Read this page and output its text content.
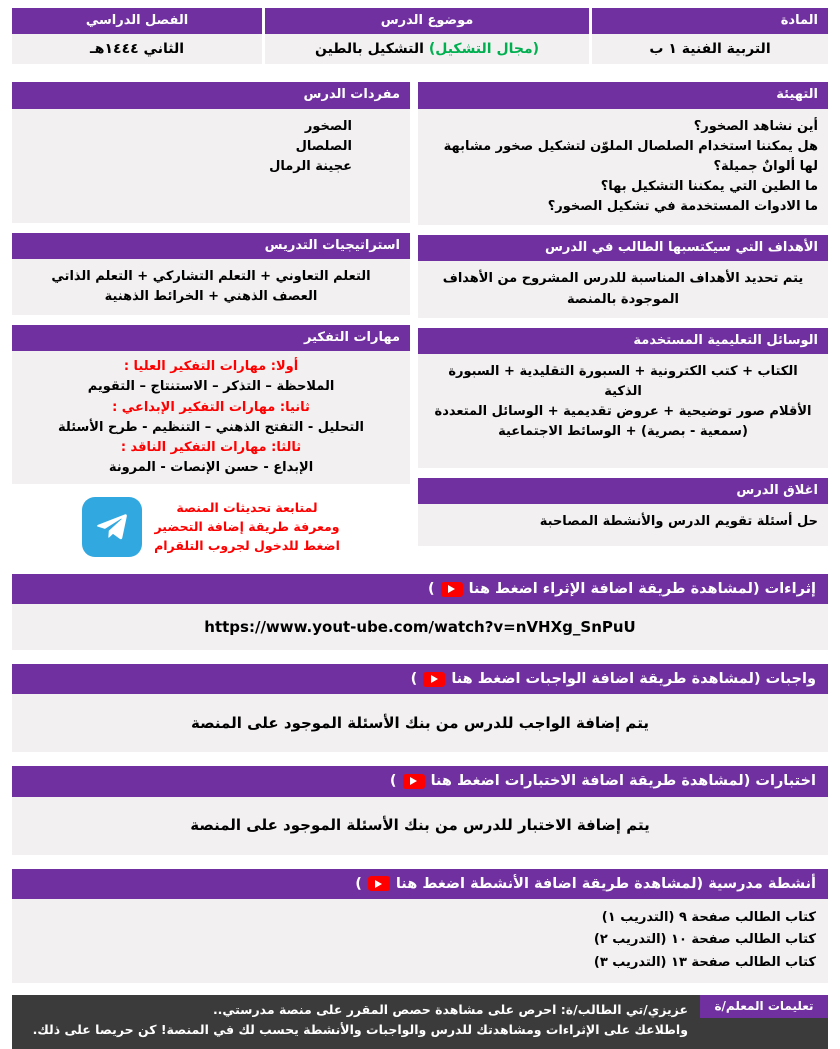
المادة
التربية الفنية ١ ب
موضوع الدرس
(مجال التشكيل) التشكيل بالطين
الفصل الدراسي
الثاني ١٤٤٤هـ
التهيئة
أين نشاهد الصخور؟
هل يمكننا استخدام الصلصال الملوّن لتشكيل صخور مشابهة لها ألوانٌ جميلة؟
ما الطين التي يمكننا التشكيل بها؟
ما الادوات المستخدمة في تشكيل الصخور؟
الأهداف التي سيكتسبها الطالب في الدرس
يتم تحديد الأهداف المناسبة للدرس المشروح من الأهداف الموجودة بالمنصة
الوسائل التعليمية المستخدمة
الكتاب + كتب الكترونية + السبورة التقليدية + السبورة الذكية
الأقلام صور توضيحية + عروض تقديمية + الوسائل المتعددة
(سمعية - بصرية) + الوسائط الاجتماعية
اغلاق الدرس
حل أسئلة تقويم الدرس والأنشطة المصاحبة
مفردات الدرس
الصخور
الصلصال
عجينة الرمال
استراتيجيات التدريس
التعلم التعاوني + التعلم التشاركي + التعلم الذاتي
العصف الذهني + الخرائط الذهنية
مهارات التفكير
أولا: مهارات التفكير العليا :
الملاحظة – التذكر – الاستنتاج – التقويم
ثانيا: مهارات التفكير الإبداعي :
التحليل - التفتح الذهني – التنظيم - طرح الأسئلة
ثالثا: مهارات التفكير الناقد :
الإبداع - حسن الإنصات - المرونة
لمتابعة تحديثات المنصة
ومعرفة طريقة إضافة التحضير
اضغط للدخول لجروب التلقرام
إثراءات (لمشاهدة طريقة اضافة الإثراء اضغط هنا
)
https://www.yout-ube.com/watch?v=nVHXg_SnPuU
واجبات (لمشاهدة طريقة اضافة الواجبات اضغط هنا
)
يتم إضافة الواجب للدرس من بنك الأسئلة الموجود على المنصة
اختبارات (لمشاهدة طريقة اضافة الاختبارات اضغط هنا
)
يتم إضافة الاختبار للدرس من بنك الأسئلة الموجود على المنصة
أنشطة مدرسية (لمشاهدة طريقة اضافة الأنشطة اضغط هنا
)
كتاب الطالب صفحة ٩ (التدريب ١)
كتاب الطالب صفحة ١٠ (التدريب ٢)
كتاب الطالب صفحة ١٣ (التدريب ٣)
تعليمات المعلم/ة
عزيزي/تي الطالب/ة: احرص على مشاهدة حصص المقرر على منصة مدرستي..
واطلاعك على الإثراءات ومشاهدتك للدرس والواجبات والأنشطة يحسب لك في المنصة! كن حريصا على ذلك.
